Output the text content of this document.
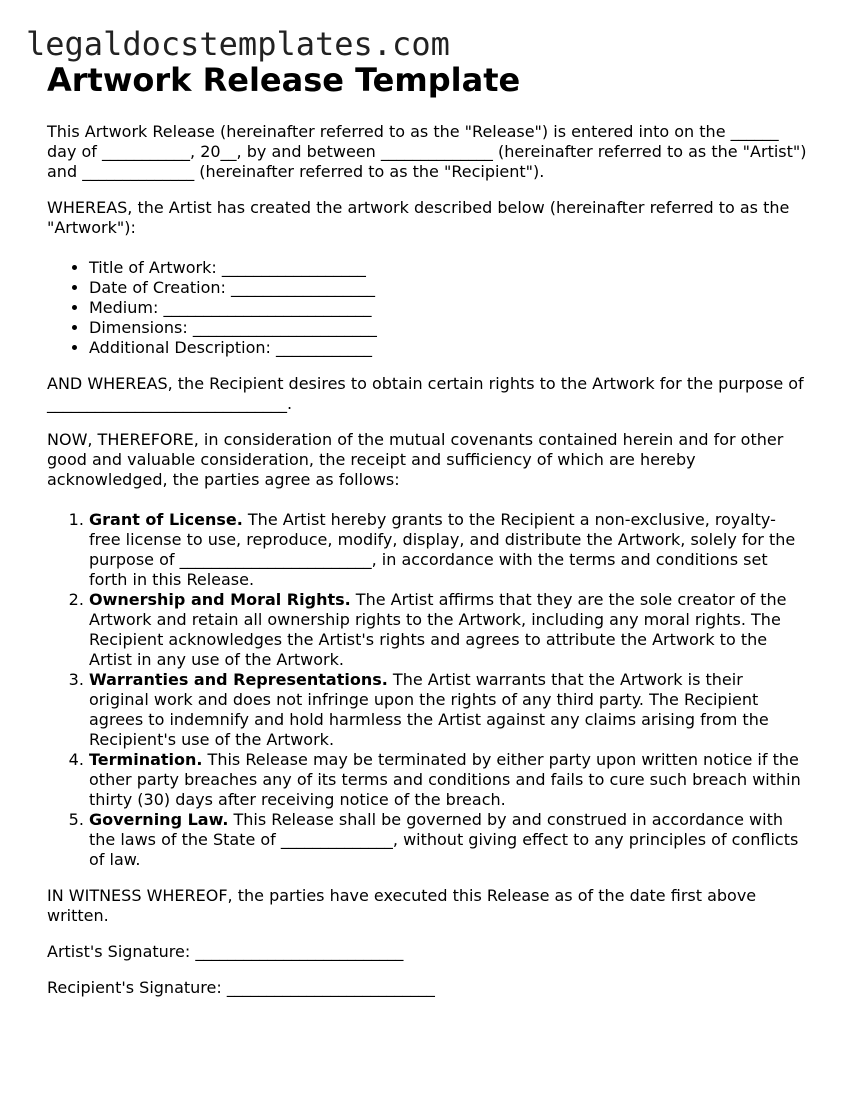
legaldocstemplates.com
Artwork Release Template

This Artwork Release (hereinafter referred to as the "Release") is entered into on the ______ day of ___________, 20__, by and between ______________ (hereinafter referred to as the "Artist") and ______________ (hereinafter referred to as the "Recipient").

WHEREAS, the Artist has created the artwork described below (hereinafter referred to as the "Artwork"):

• Title of Artwork: __________________
• Date of Creation: __________________
• Medium: __________________________
• Dimensions: _______________________
• Additional Description: ____________

AND WHEREAS, the Recipient desires to obtain certain rights to the Artwork for the purpose of ______________________________.

NOW, THEREFORE, in consideration of the mutual covenants contained herein and for other good and valuable consideration, the receipt and sufficiency of which are hereby acknowledged, the parties agree as follows:

1. Grant of License. The Artist hereby grants to the Recipient a non-exclusive, royalty-free license to use, reproduce, modify, display, and distribute the Artwork, solely for the purpose of ________________________, in accordance with the terms and conditions set forth in this Release.
2. Ownership and Moral Rights. The Artist affirms that they are the sole creator of the Artwork and retain all ownership rights to the Artwork, including any moral rights. The Recipient acknowledges the Artist's rights and agrees to attribute the Artwork to the Artist in any use of the Artwork.
3. Warranties and Representations. The Artist warrants that the Artwork is their original work and does not infringe upon the rights of any third party. The Recipient agrees to indemnify and hold harmless the Artist against any claims arising from the Recipient's use of the Artwork.
4. Termination. This Release may be terminated by either party upon written notice if the other party breaches any of its terms and conditions and fails to cure such breach within thirty (30) days after receiving notice of the breach.
5. Governing Law. This Release shall be governed by and construed in accordance with the laws of the State of ______________, without giving effect to any principles of conflicts of law.

IN WITNESS WHEREOF, the parties have executed this Release as of the date first above written.

Artist's Signature: __________________________
Recipient's Signature: __________________________
